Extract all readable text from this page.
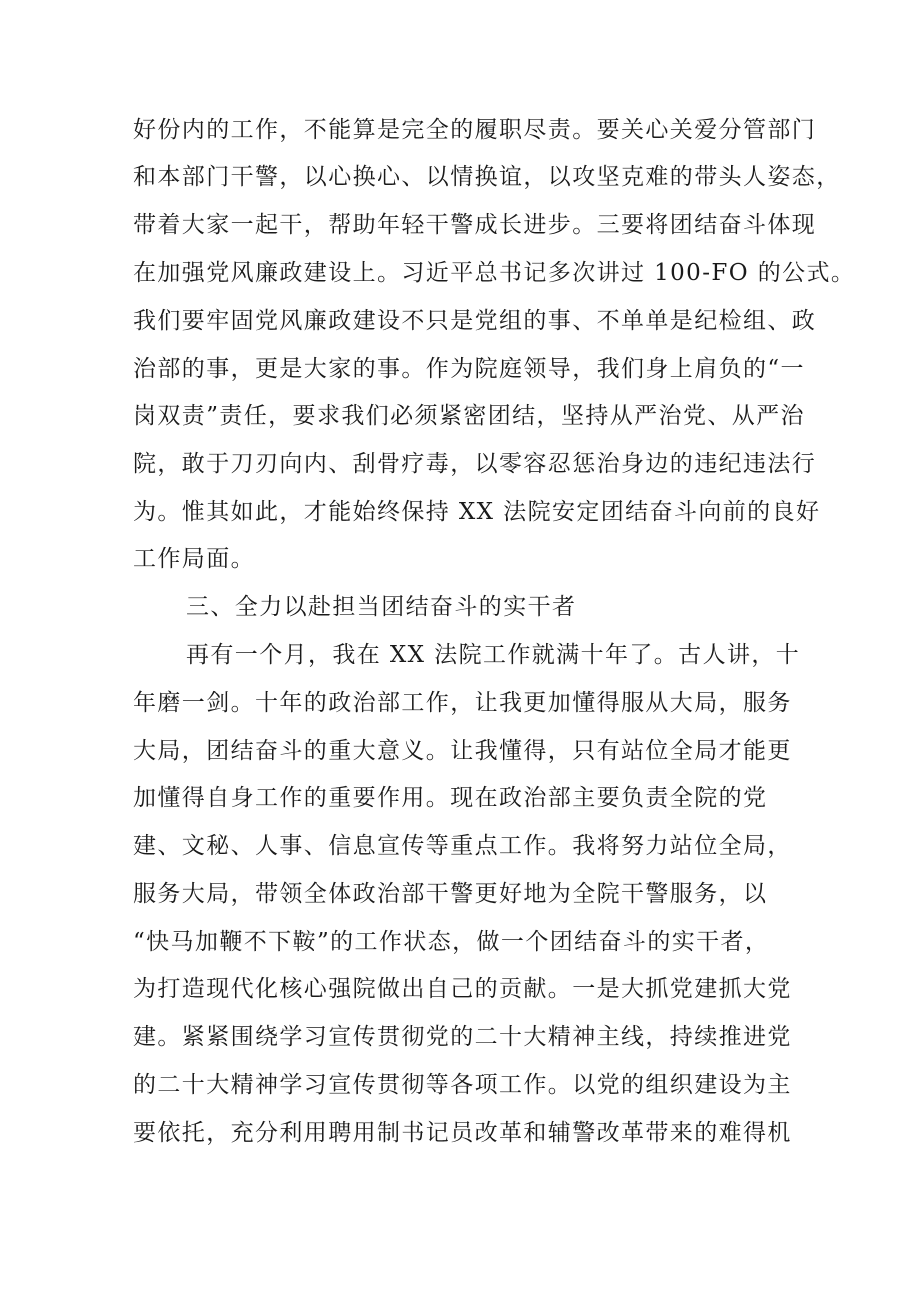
好份内的工作，不能算是完全的履职尽责。要关心关爱分管部门
和本部门干警，以心换心、以情换谊，以攻坚克难的带头人姿态，
带着大家一起干，帮助年轻干警成长进步。三要将团结奋斗体现
在加强党风廉政建设上。习近平总书记多次讲过 100-FO 的公式。
我们要牢固党风廉政建设不只是党组的事、不单单是纪检组、政
治部的事，更是大家的事。作为院庭领导，我们身上肩负的“一
岗双责”责任，要求我们必须紧密团结，坚持从严治党、从严治
院，敢于刀刃向内、刮骨疗毒，以零容忍惩治身边的违纪违法行
为。惟其如此，才能始终保持 XX 法院安定团结奋斗向前的良好
工作局面。
三、全力以赴担当团结奋斗的实干者
再有一个月，我在 XX 法院工作就满十年了。古人讲，十
年磨一剑。十年的政治部工作，让我更加懂得服从大局，服务
大局，团结奋斗的重大意义。让我懂得，只有站位全局才能更
加懂得自身工作的重要作用。现在政治部主要负责全院的党
建、文秘、人事、信息宣传等重点工作。我将努力站位全局，
服务大局，带领全体政治部干警更好地为全院干警服务，以
“快马加鞭不下鞍”的工作状态，做一个团结奋斗的实干者，
为打造现代化核心强院做出自己的贡献。一是大抓党建抓大党
建。紧紧围绕学习宣传贯彻党的二十大精神主线，持续推进党
的二十大精神学习宣传贯彻等各项工作。以党的组织建设为主
要依托，充分利用聘用制书记员改革和辅警改革带来的难得机
